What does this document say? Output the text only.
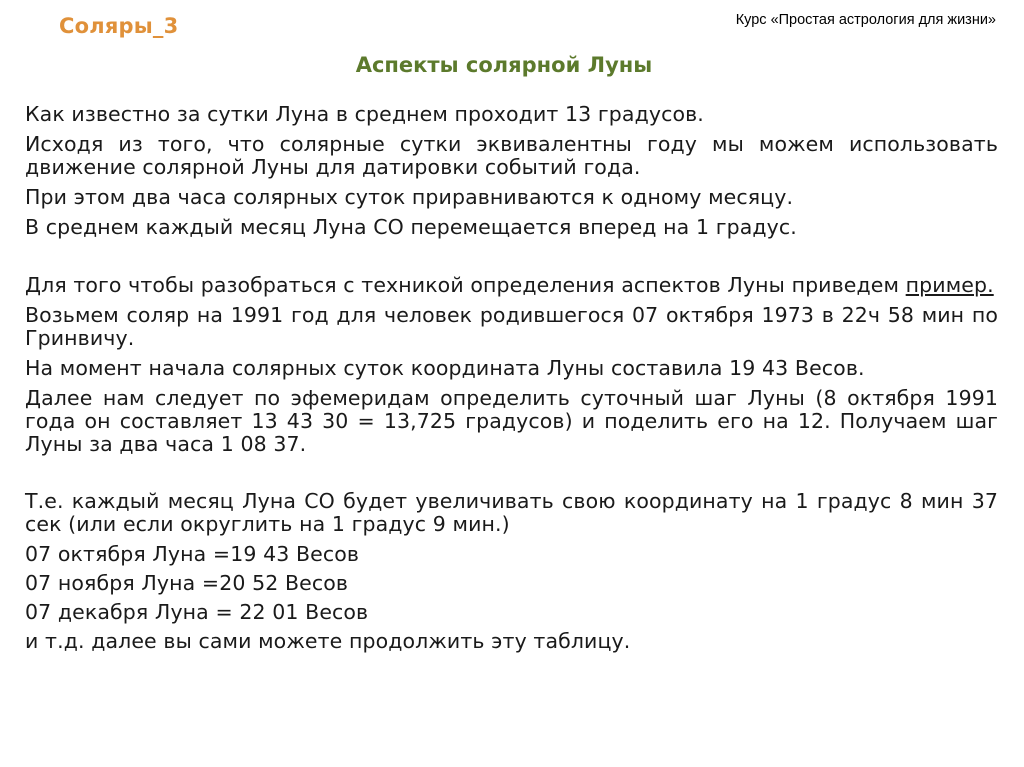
Соляры_3	Курс «Простая астрология для жизни»
Аспекты солярной Луны

Как известно за сутки Луна в среднем проходит 13 градусов.

Исходя из того, что солярные сутки эквивалентны году мы можем использовать движение солярной Луны для датировки событий года.

При этом два часа солярных суток приравниваются к одному месяцу.

В среднем каждый месяц Луна СО перемещается вперед на 1 градус.

Для того чтобы разобраться с техникой определения аспектов Луны приведем пример.

Возьмем соляр на 1991 год для человек родившегося 07 октября 1973 в 22ч 58 мин по Гринвичу.

На момент начала солярных суток координата Луны составила 19 43 Весов.

Далее нам следует по эфемеридам определить суточный шаг Луны (8 октября 1991 года он составляет 13 43 30 = 13,725 градусов) и поделить его на 12. Получаем шаг Луны за два часа 1 08 37.

Т.е. каждый месяц Луна СО будет увеличивать свою координату на 1 градус 8 мин 37 сек (или если округлить на 1 градус 9 мин.)

07 октября Луна =19 43 Весов

07 ноября Луна =20 52 Весов

07 декабря Луна = 22 01 Весов

и т.д. далее вы сами можете продолжить эту таблицу.
